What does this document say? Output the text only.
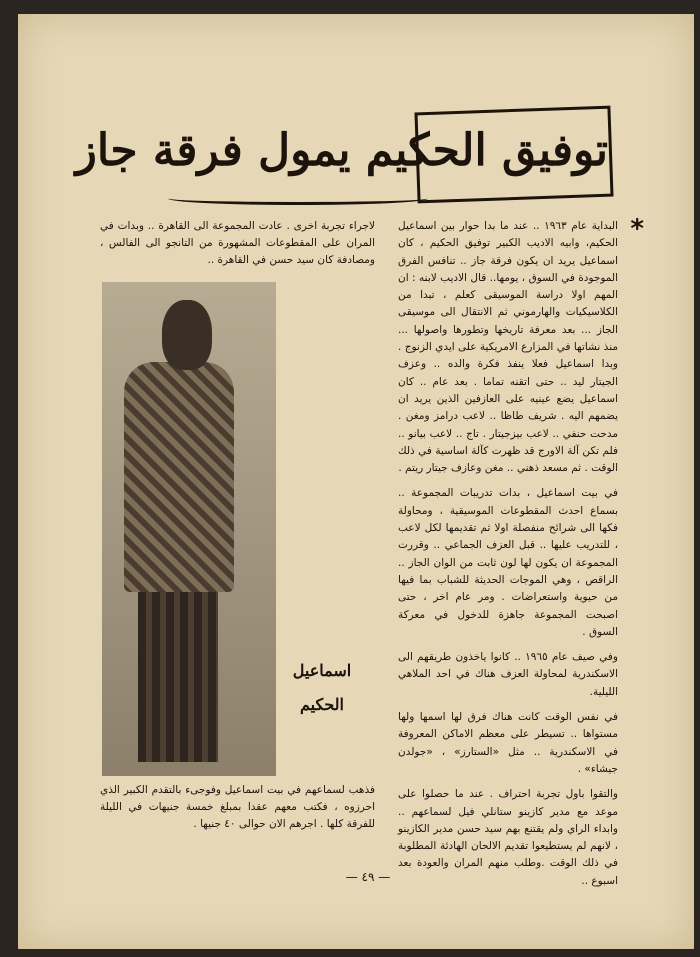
توفيق الحكيم يمول فرقة جاز
*

البداية عام ١٩٦٣ .. عند ما بدا حوار بين اسماعيل الحكيم، وابيه الاديب الكبير توفيق الحكيم ، كان اسماعيل يريد ان يكون فرقة جاز .. تنافس الفرق الموجودة في السوق ، يومها.. قال الاديب لابنه : ان المهم اولا دراسة الموسيقى كعلم ، تبدا من الكلاسيكيات والهارموني ثم الانتقال الى موسيقى الجاز ... بعد معرفة تاريخها وتطورها واصولها ... منذ نشاتها في المزارع الامريكية على ايدي الزنوج . وبدا اسماعيل فعلا ينفذ فكرة والده .. وعزف الجيتار ليد .. حتى اتقنه تماما . بعد عام .. كان اسماعيل يضع عينيه على العازفين الذين يريد ان يضمهم اليه . شريف طاظا .. لاعب درامز ومغن . مدحت حنفي .. لاعب بيزجيتار . تاج .. لاعب بيانو .. فلم تكن آلة الاورج قد ظهرت كآلة اساسية في ذلك الوقت . ثم مسعد ذهني .. مغن وعازف جيتار ريتم .

في بيت اسماعيل ، بدات تدريبات المجموعة .. بسماع احدث المقطوعات الموسيقية ، ومحاولة فكها الى شرائح منفصلة اولا ثم تقديمها لكل لاعب ، للتدريب عليها .. قبل العزف الجماعي .. وقررت المجموعة ان يكون لها لون ثابت من الوان الجاز .. الراقص ، وهي الموجات الحديثة للشباب بما فيها من حيوية واستعراضات . ومر عام اخر ، حتى اصبحت المجموعة جاهزة للدخول في معركة السوق .

وفي صيف عام ١٩٦٥ .. كانوا ياخذون طريقهم الى الاسكندرية لمحاولة العزف هناك في احد الملاهي الليلية.

في نفس الوقت كانت هناك فرق لها اسمها ولها مستواها .. تسيطر على معظم الاماكن المعروفة في الاسكندرية .. مثل «الستارز» ، «جولدن جيشاء» .

والتقوا باول تجربة احتراف . عند ما حصلوا على موعد مع مدير كازينو ستانلي فيل لسماعهم .. وابداء الراي ولم يقتنع بهم سيد حسن مدير الكازينو ، لانهم لم يستطيعوا تقديم الالحان الهادئة المطلوبة في ذلك الوقت .وطلب منهم المران والعودة بعد اسبوع ..

لاجراء تجربة اخرى . عادت المجموعة الى القاهرة .. وبدات في المران على المقطوعات المشهورة من التانجو الى الفالس ، ومصادفة كان سيد حسن في القاهرة ..
اسماعيل
الحكيم
فذهب لسماعهم في بيت اسماعيل وفوجىء بالتقدم الكبير الذي احرزوه ، فكتب معهم عقدا بمبلغ خمسة جنيهات في الليلة للفرقة كلها . اجرهم الان حوالى ٤٠ جنيها .
— ٤٩ —
